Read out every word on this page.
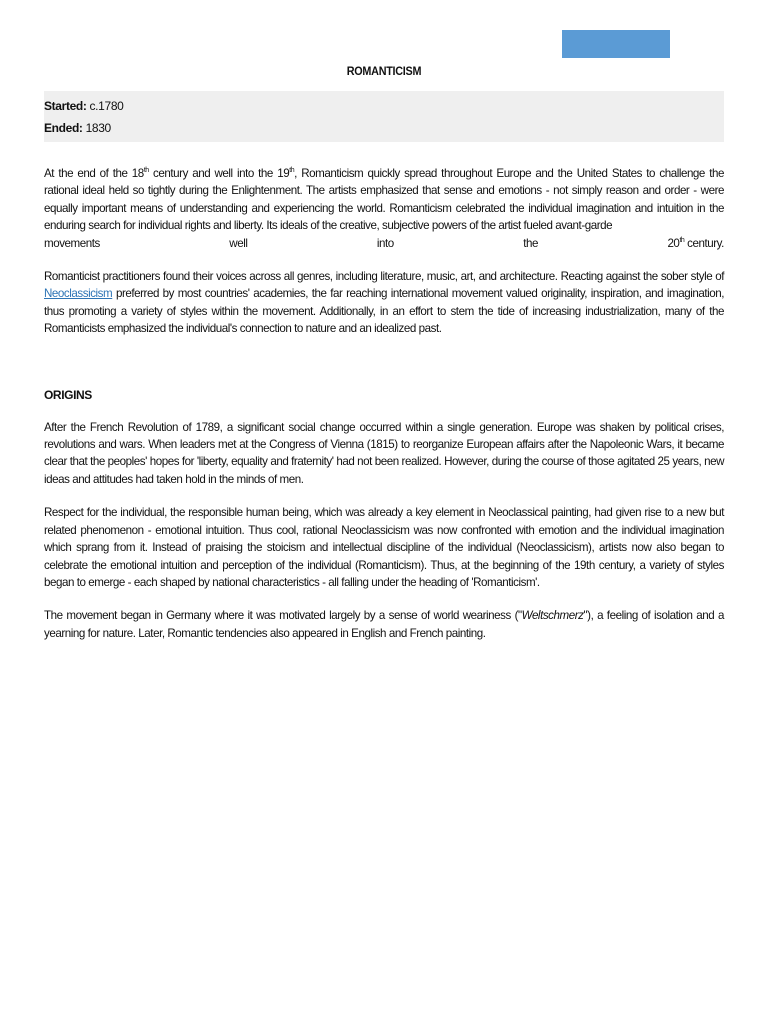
ROMANTICISM
Started: c.1780
Ended: 1830

At the end of the 18th century and well into the 19th, Romanticism quickly spread throughout Europe and the United States to challenge the rational ideal held so tightly during the Enlightenment. The artists emphasized that sense and emotions - not simply reason and order - were equally important means of understanding and experiencing the world. Romanticism celebrated the individual imagination and intuition in the enduring search for individual rights and liberty. Its ideals of the creative, subjective powers of the artist fueled avant-garde

movements	well	into	the	20th century.

Romanticist practitioners found their voices across all genres, including literature, music, art, and architecture. Reacting against the sober style of Neoclassicism preferred by most countries' academies, the far reaching international movement valued originality, inspiration, and imagination, thus promoting a variety of styles within the movement. Additionally, in an effort to stem the tide of increasing industrialization, many of the Romanticists emphasized the individual's connection to nature and an idealized past.

ORIGINS

After the French Revolution of 1789, a significant social change occurred within a single generation. Europe was shaken by political crises, revolutions and wars. When leaders met at the Congress of Vienna (1815) to reorganize European affairs after the Napoleonic Wars, it became clear that the peoples' hopes for 'liberty, equality and fraternity' had not been realized. However, during the course of those agitated 25 years, new ideas and attitudes had taken hold in the minds of men.

Respect for the individual, the responsible human being, which was already a key element in Neoclassical painting, had given rise to a new but related phenomenon - emotional intuition. Thus cool, rational Neoclassicism was now confronted with emotion and the individual imagination which sprang from it. Instead of praising the stoicism and intellectual discipline of the individual (Neoclassicism), artists now also began to celebrate the emotional intuition and perception of the individual (Romanticism). Thus, at the beginning of the 19th century, a variety of styles began to emerge - each shaped by national characteristics - all falling under the heading of 'Romanticism'.

The movement began in Germany where it was motivated largely by a sense of world weariness ("Weltschmerz"), a feeling of isolation and a yearning for nature. Later, Romantic tendencies also appeared in English and French painting.
